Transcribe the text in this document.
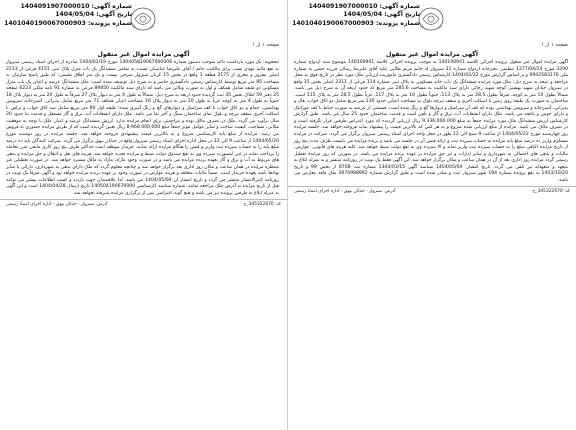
شماره آگهی: 1404091907000010
تاریخ آگهی: 1404/05/04
شماره پرونده: 1401040190067000903
صفحه ۱ از ۱
آگهی مزایده اموال غیر منقول

محجوبه: یک مورد بازداشت دائم بموجب دستور شماره 140405819067000006 مورخ 1404/01/19 صادره از اجرای اسناد رسمی سبزوار به نفع مالیه مهدی نسب برای مالکیت خانم / آقای علیرضا عباسیان نسبت به تمامی ششدانگ یک باب منزل پلاک ثبتی 4151 فرعی از 2213 اصلی مفروز و مجزی از 2175 قطعه 1 واقع در بخش 15 کزیان سبزوار شرحی بیست و یک متر اطاق نشیمن؛ که طبق پاسخ سازمان به مساحت 85 متر مربع توسط کارشناس رسمی دادگستری حاضر و به شرح ذیل توصیف شده است: ملک ششدانگ عرصه و اعیان یک باب منزل مسکونی دو طبقه شامل همکف و اول به صورت ویلائی می باشد که دارای سند مالکیت 89850 فرعی به شماره 91 نامه ملکی 6223 صفحه 25 دفتر 59 املاک بخش 35 ثبت گردیده حدود اربعه به شرح ذیل: شمالاً به طول 4 متر به دیوار پلاک 27 شرقاً به طول 20 متر به دیوار پلاک 18 جنوباً به طول 4 متر به کوچه غرباً به طول 20 متر به دیوار پلاک 16 مساحت اعیان همکف 71 متر مربع شامل پذیرائی، آشپزخانه، سرویس بهداشتی، حمام و دو اتاق خواب با کف سرامیک و دیوارهای گچ و رنگ آمیزی شده؛ طبقه اول 80 متر مربع شامل سه اتاق خواب و تراس با اسکلت آجری سقف تیرچه و بلوک نمای ساختمان سنگ و آجر نما می باشد. ملک دارای انشعابات آب، برق و گاز مستقل و قدمت بنا حدود 20 سال برآورد می گردد. ملک در تصرف مالک بوده و مزاحمتی برای انجام مزایده ندارد. ارزش ششدانگ عرصه و اعیان ملک با توجه به موقعیت مکانی، مساحت، کیفیت ساخت و سایر عوامل موثر جمعاً مبلغ 8.968.000.000 ریال تعیین گردیده است که از طریق مزایده حضوری به فروش می رسد. مزایده از مبلغ پایه کارشناسی شروع و به بالاترین قیمت پیشنهادی فروخته خواهد شد. جلسه مزایده در روز دوشنبه مورخ 1404/05/20 از ساعت 9 الی 12 در محل اداره اجرای اسناد رسمی سبزوار واقع در خیابان بیهق برگزار می گردد. شرکت کنندگان باید ده درصد مبلغ پایه را به حساب سپرده ثبت واریز و فیش را هنگام مزایده ارائه نمایند. خریدار موظف است حداکثر ظرف پنج روز کاری مابقی ثمن معامله را پرداخت نماید در غیر اینصورت سپرده وی به نفع صندوق دولت ضبط و مزایده تجدید خواهد شد. هزینه های نقل و انتقال و حق مزایده و بدهی های مربوط به آب و برق و گاز بعهده برنده مزایده می باشد و در صورت وجود مازاد، مازاد به مالک مسترد خواهد شد. در صورت تعطیلی غیر منتظره مزایده در همان ساعت و مکان روز اداری بعد برگزار خواهد شد و چنانچه معلوم گردد که ملک دارای بدهی به شهرداری، دارائی یا سایر نهادها باشد بعهده خریدار است. ضمناً مالیات متعلقه و هزینه عوارض در صورت وجود بر عهده برنده مزایده خواهد بود و آگهی صرفاً یک نوبت در روزنامه کثیرالانتشار منتشر می گردد و تاریخ انتشار آن 1404/05/04 می باشد. لذا علاقمندان جهت بازدید و کسب اطلاعات بیشتر می توانند قبل از تاریخ مزایده به آدرس ملک مراجعه نمایند. شماره شناسه کارشناسی 140504190670000 تاریخ ارسال 1404/04/28 است و این آگهی به منزله ابلاغ به طرفین پرونده نیز می باشد و هیچ گونه اعتراضی پس از برگزاری مزایده پذیرفته نخواهد شد.

کد: 345322670_ح
آدرس: سبزوار - خیابان بیهق - اداره اجرای اسناد رسمی
شماره آگهی: 1404091907000010
تاریخ آگهی: 1404/05/04
شماره پرونده: 1401040190067000903
صفحه ۱ از ۱
آگهی مزایده اموال غیر منقول

آگهی مزایده اموال غیر منقول پرونده اجرائی کلاسه 140100941 به موجب پرونده اجرائی کلاسه 140100941 موضوع سند ازدواج شماره 3290 مورخ 1377/04/24 تنظیمی دفترخانه ازدواج شماره 31 سبزوار له خانم مریم طالبی علیه آقای علیرضا رضائی فرزند حسن به شماره ملی 0942583176 و بر اساس گزارش مورخ 1404/02/22 کارشناس رسمی دادگستری ماموریت ارزیابی ملک مورد نظر در تاریخ فوق به محل مراجعه و نتیجه به شرح ذیل: ملک مورد مزایده ششدانگ یک باب خانه مسکونی به پلاک ثبتی شماره 114 فرعی از 2311 اصلی بخش 15 واقع در سبزوار خیابان شهید بهشتی کوچه شهید رجائی دارای سند مالکیت به مساحت 285.6 متر مربع که حدود اربعه آن به شرح ذیل می باشد: شمالاً بطول 10 متر به کوچه، شرقاً بطول 28.5 متر به پلاک 113، جنوباً بطول 10 متر به پلاک 117، غرباً بطول 28.5 متر به پلاک 115 است. ساختمان به صورت یک طبقه روی زمین با اسکلت آجری و سقف تیرچه بلوک به مساحت اعیانی حدود 130 متر مربع شامل دو اتاق خواب، هال و پذیرایی، آشپزخانه و سرویس بهداشتی بوده که کف آن سرامیک و دیوارها گچ و رنگ شده است. قسمتی از عرصه به صورت حیاط با کف موزائیک و دارای حوض و باغچه می باشد. ملک دارای انشعابات آب، برق و گاز و تلفن است و قدمت ساختمان حدود 25 سال می باشد. طبق گزارش کارشناس ارزش ششدانگ ملک مورد مزایده جمعاً به مبلغ 9.336.000.000 ریال ارزیابی گردیده که مورد اعتراض طرفین قرار نگرفته است و در تصرف مالک می باشد. مزایده از مبلغ ارزیابی شده شروع و به هر کس که بالاترین قیمت را پیشنهاد نماید فروخته خواهد شد. جلسه مزایده روز چهارشنبه مورخ 1404/05/22 از ساعت 9 صبح الی 12 ظهر در محل واحد اجرای اسناد رسمی سبزوار برگزار می گردد. شرکت در مزایده مستلزم واریز ده درصد مبلغ پایه مزایده به حساب سپرده ثبت و ارائه فیش آن در جلسه می باشد و برنده مزایده می بایست ظرف مدت پنج روز از تاریخ مزایده الباقی مبلغ را به حساب سپرده ثبت واریز نماید و الا سپرده وی به نفع دولت ضبط خواهد شد. کلیه هزینه های قانونی، عوارض، مالیات و بدهی های احتمالی به شهرداری و سایر ادارات و نیز حق مزایده بر عهده برنده مزایده می باشد. در صورتی که روز مزایده تعطیل رسمی گردد مزایده روز اداری بعد از آن در همان ساعت و مکان برگزار خواهد شد. این آگهی فقط یک نوبت در روزنامه منتشر و به منزله ابلاغ به متعهد و متعهدله نیز تلقی می گردد. تاریخ انتشار: 1404/05/04 شناسه آگهی 1344/03/15 شماره ثبت 8768 از بخش 99 و تاریخ 1403/10/20 به نفع پرونده شماره 194 شهر سبزوار ثبت و صادر شده است و طبق گزارش شماره 3070998992 ملک فاقد معارض می باشد.

کد: 345322670_ح
آدرس: سبزوار - خیابان بیهق - اداره اجرای اسناد رسمی
